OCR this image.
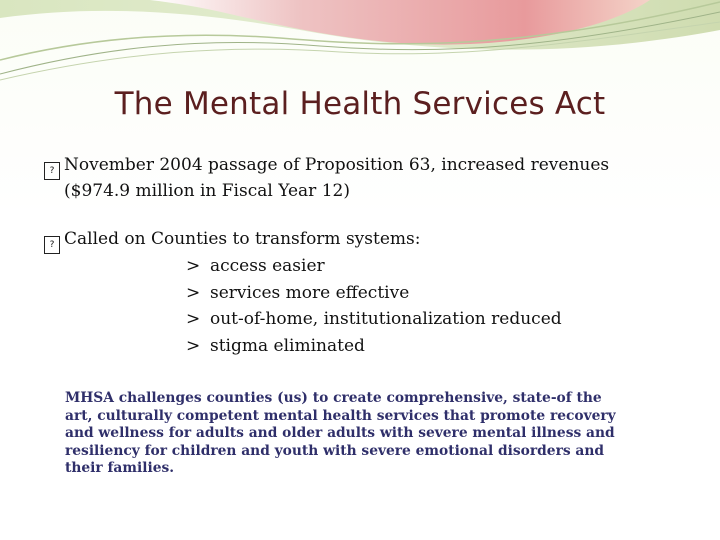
The Mental Health Services Act
? November 2004 passage of Proposition 63, increased revenues
($974.9 million in Fiscal Year 12)
? Called on Counties to transform systems:
> access easier
> services more effective
> out-of-home, institutionalization reduced
> stigma eliminated
MHSA challenges counties (us) to create comprehensive, state-of the
art, culturally competent mental health services that promote recovery
and wellness for adults and older adults with severe mental illness and
resiliency for children and youth with severe emotional disorders and
their families.
